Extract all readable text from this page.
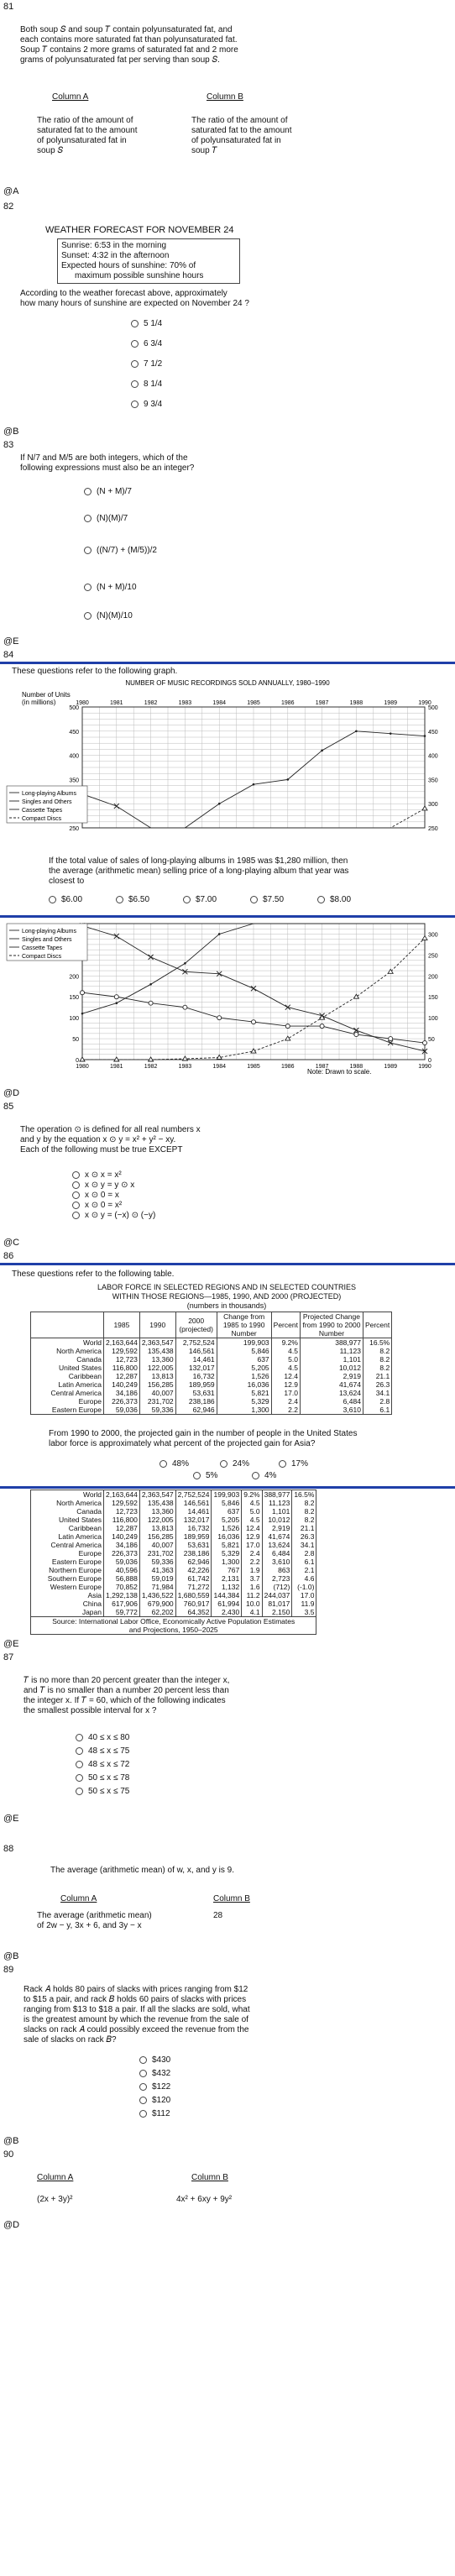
81
Both soup 𝑆 and soup 𝑇 contain polyunsaturated fat, and
each contains more saturated fat than polyunsaturated fat.
Soup 𝑇 contains 2 more grams of saturated fat and 2 more
grams of polyunsaturated fat per serving than soup 𝑆.
Column A	Column B
The ratio of the amount of
saturated fat to the amount
of polyunsaturated fat in
soup 𝑆
The ratio of the amount of
saturated fat to the amount
of polyunsaturated fat in
soup 𝑇
@A
82
WEATHER FORECAST FOR NOVEMBER 24
Sunrise: 6:53 in the morning
Sunset: 4:32 in the afternoon
Expected hours of sunshine: 70% of
maximum possible sunshine hours
According to the weather forecast above, approximately
how many hours of sunshine are expected on November 24 ?
5 1/4
6 3/4
7 1/2
8 1/4
9 3/4
@B
83
If N/7 and M/5 are both integers, which of the
following expressions must also be an integer?
(N + M)/7
(N)(M)/7
((N/7) + (M/5))/2
(N + M)/10
(N)(M)/10
@E
84
These questions refer to the following graph.
NUMBER OF MUSIC RECORDINGS SOLD ANNUALLY, 1980–1990
Number of Units
(in millions)	1980	1981	1982	1983	1984	1985	1986	1987	1988	1989	1990
250	250
300
350	350
400	400
450	450
500	500
Long-playing Albums
Singles and Others
Cassette Tapes
Compact Discs
If the total value of sales of long-playing albums in 1985 was $1,280 million, then
the average (arithmetic mean) selling price of a long-playing album that year was
closest to
$6.00	$6.50	$7.00	$7.50	$8.00
1980	1981	1982	1983	1984	1985	1986	1987	1988	1989	1990
0	0
50	50
100	100
150	150
200	200
250
300
Long-playing Albums
Singles and Others
Cassette Tapes
Compact Discs
Note: Drawn to scale.
@D
85
The operation ⊙ is defined for all real numbers x
and y by the equation x ⊙ y = x² + y² − xy.
Each of the following must be true EXCEPT
x ⊙ x = x²
x ⊙ y = y ⊙ x
x ⊙ 0 = x
x ⊙ 0 = x²
x ⊙ y = (−x) ⊙ (−y)
@C
86
These questions refer to the following table.
LABOR FORCE IN SELECTED REGIONS AND IN SELECTED COUNTRIES
WITHIN THOSE REGIONS—1985, 1990, AND 2000 (PROJECTED)
(numbers in thousands)
	1985	1990	2000 (projected)	Change from 1985 to 1990 Number	Percent	Projected Change from 1990 to 2000 Number	Percent
World	2,163,644	2,363,547	2,752,524	199,903	9.2%	388,977	16.5%
North America	129,592	135,438	146,561	5,846	4.5	11,123	8.2
Canada	12,723	13,360	14,461	637	5.0	1,101	8.2
United States	116,800	122,005	132,017	5,205	4.5	10,012	8.2
Caribbean	12,287	13,813	16,732	1,526	12.4	2,919	21.1
Latin America	140,249	156,285	189,959	16,036	12.9	41,674	26.3
Central America	34,186	40,007	53,631	5,821	17.0	13,624	34.1
Europe	226,373	231,702	238,186	5,329	2.4	6,484	2.8
Eastern Europe	59,036	59,336	62,946	1,300	2.2	3,610	6.1
From 1990 to 2000, the projected gain in the number of people in the United States
labor force is approximately what percent of the projected gain for Asia?
48%	24%	17%
5%	4%
World	2,163,644	2,363,547	2,752,524	199,903	9.2%	388,977	16.5%
North America	129,592	135,438	146,561	5,846	4.5	11,123	8.2
Canada	12,723	13,360	14,461	637	5.0	1,101	8.2
United States	116,800	122,005	132,017	5,205	4.5	10,012	8.2
Caribbean	12,287	13,813	16,732	1,526	12.4	2,919	21.1
Latin America	140,249	156,285	189,959	16,036	12.9	41,674	26.3
Central America	34,186	40,007	53,631	5,821	17.0	13,624	34.1
Europe	226,373	231,702	238,186	5,329	2.4	6,484	2.8
Eastern Europe	59,036	59,336	62,946	1,300	2.2	3,610	6.1
Northern Europe	40,596	41,363	42,226	767	1.9	863	2.1
Southern Europe	56,888	59,019	61,742	2,131	3.7	2,723	4.6
Western Europe	70,852	71,984	71,272	1,132	1.6	(712)	(-1.0)
Asia	1,292,138	1,436,522	1,680,559	144,384	11.2	244,037	17.0
China	617,906	679,900	760,917	61,994	10.0	81,017	11.9
Japan	59,772	62,202	64,352	2,430	4.1	2,150	3.5

Source: International Labor Office, Economically Active Population Estimates
and Projections, 1950–2025							
@E
87
𝑇 is no more than 20 percent greater than the integer x,
and 𝑇 is no smaller than a number 20 percent less than
the integer x. If 𝑇 = 60, which of the following indicates
the smallest possible interval for x ?
40 ≤ x ≤ 80
48 ≤ x ≤ 75
48 ≤ x ≤ 72
50 ≤ x ≤ 78
50 ≤ x ≤ 75
@E
88
The average (arithmetic mean) of w, x, and y is 9.
Column A	Column B
The average (arithmetic mean)
of 2w − y, 3x + 6, and 3y − x
28
@B
89
Rack 𝐴 holds 80 pairs of slacks with prices ranging from $12
to $15 a pair, and rack 𝐵 holds 60 pairs of slacks with prices
ranging from $13 to $18 a pair. If all the slacks are sold, what
is the greatest amount by which the revenue from the sale of
slacks on rack 𝐴 could possibly exceed the revenue from the
sale of slacks on rack 𝐵?
$430
$432
$122
$120
$112
@B
90
Column A	Column B
(2x + 3y)²	4x² + 6xy + 9y²
@D
